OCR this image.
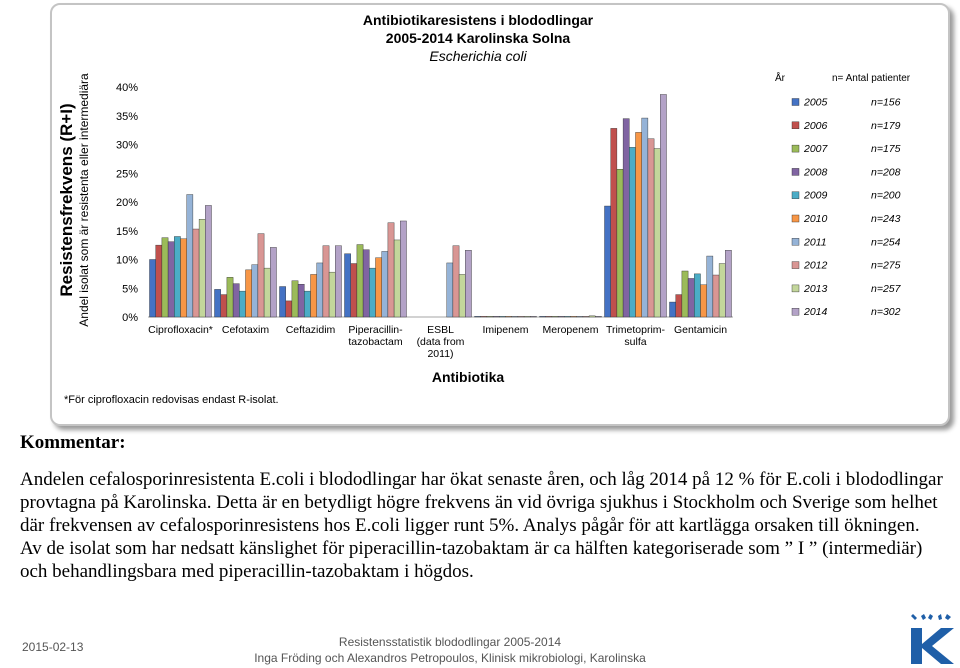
Antibiotikaresistens i blododlingar
2005-2014 Karolinska Solna
Escherichia coli
Resistensfrekvens (R+I) Andel isolat som är resistenta eller intermediära	0%
5%
10%
15%
20%
25%
30%
35%
40%
Ciprofloxacin* Cefotaxim Ceftazidim Piperacillin-
tazobactam
ESBL
(data from
2011)
Imipenem Meropenem Trimetoprim-
sulfa
Gentamicin
Antibiotika
*För ciprofloxacin redovisas endast R-isolat.
År	n= Antal patienter
2005	n=156
2006	n=179
2007	n=175
2008	n=208
2009	n=200
2010	n=243
2011	n=254
2012	n=275
2013	n=257
2014	n=302
Kommentar:

Andelen cefalosporinresistenta E.coli i blododlingar har ökat senaste åren, och låg 2014 på 12 % för E.coli i blododlingar provtagna på Karolinska. Detta är en betydligt högre frekvens än vid övriga sjukhus i Stockholm och Sverige som helhet där frekvensen av cefalosporinresistens hos E.coli ligger runt 5%. Analys pågår för att kartlägga orsaken till ökningen.

Av de isolat som har nedsatt känslighet för piperacillin-tazobaktam är ca hälften kategoriserade som ” I ” (intermediär) och behandlingsbara med piperacillin-tazobaktam i högdos.

2015-02-13	Resistensstatistik blododlingar 2005-2014
Inga Fröding och Alexandros Petropoulos, Klinisk mikrobiologi, Karolinska
